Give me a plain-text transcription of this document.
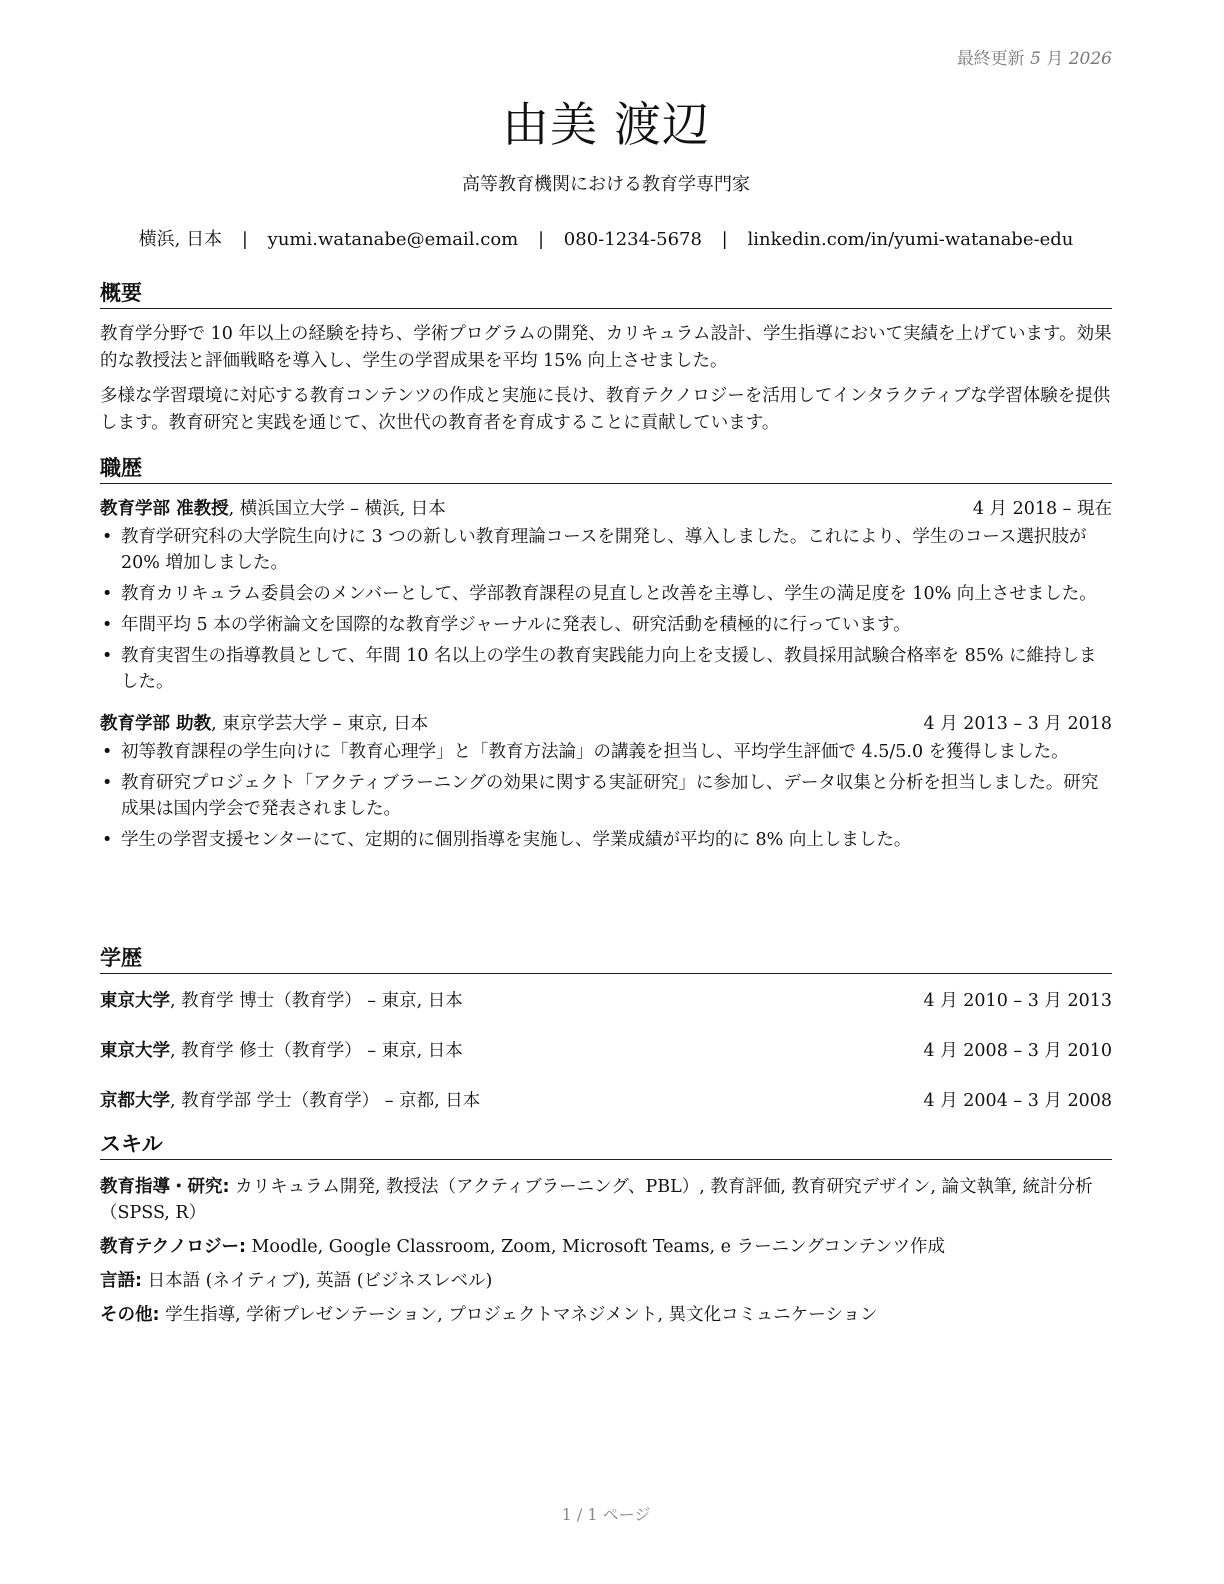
最終更新 5 月 2026
由美 渡辺
高等教育機関における教育学専門家
横浜, 日本 | yumi.watanabe@email.com | 080-1234-5678 | linkedin.com/in/yumi-watanabe-edu
概要

教育学分野で 10 年以上の経験を持ち、学術プログラムの開発、カリキュラム設計、学生指導において実績を上げています。効果的な教授法と評価戦略を導入し、学生の学習成果を平均 15% 向上させました。

多様な学習環境に対応する教育コンテンツの作成と実施に長け、教育テクノロジーを活用してインタラクティブな学習体験を提供します。教育研究と実践を通じて、次世代の教育者を育成することに貢献しています。

職歴
教育学部 准教授, 横浜国立大学 – 横浜, 日本	4 月 2018 – 現在
• 教育学研究科の大学院生向けに 3 つの新しい教育理論コースを開発し、導入しました。これにより、学生のコース選択肢が 20% 増加しました。
• 教育カリキュラム委員会のメンバーとして、学部教育課程の見直しと改善を主導し、学生の満足度を 10% 向上させました。
• 年間平均 5 本の学術論文を国際的な教育学ジャーナルに発表し、研究活動を積極的に行っています。
• 教育実習生の指導教員として、年間 10 名以上の学生の教育実践能力向上を支援し、教員採用試験合格率を 85% に維持しました。
教育学部 助教, 東京学芸大学 – 東京, 日本	4 月 2013 – 3 月 2018
• 初等教育課程の学生向けに「教育心理学」と「教育方法論」の講義を担当し、平均学生評価で 4.5/5.0 を獲得しました。
• 教育研究プロジェクト「アクティブラーニングの効果に関する実証研究」に参加し、データ収集と分析を担当しました。研究成果は国内学会で発表されました。
• 学生の学習支援センターにて、定期的に個別指導を実施し、学業成績が平均的に 8% 向上しました。
学歴
東京大学, 教育学 博士（教育学） – 東京, 日本	4 月 2010 – 3 月 2013
東京大学, 教育学 修士（教育学） – 東京, 日本	4 月 2008 – 3 月 2010
京都大学, 教育学部 学士（教育学） – 京都, 日本	4 月 2004 – 3 月 2008
スキル

教育指導・研究: カリキュラム開発, 教授法（アクティブラーニング、PBL）, 教育評価, 教育研究デザイン, 論文執筆, 統計分析（SPSS, R）

教育テクノロジー: Moodle, Google Classroom, Zoom, Microsoft Teams, e ラーニングコンテンツ作成

言語: 日本語 (ネイティブ), 英語 (ビジネスレベル)

その他: 学生指導, 学術プレゼンテーション, プロジェクトマネジメント, 異文化コミュニケーション

1 / 1 ページ
